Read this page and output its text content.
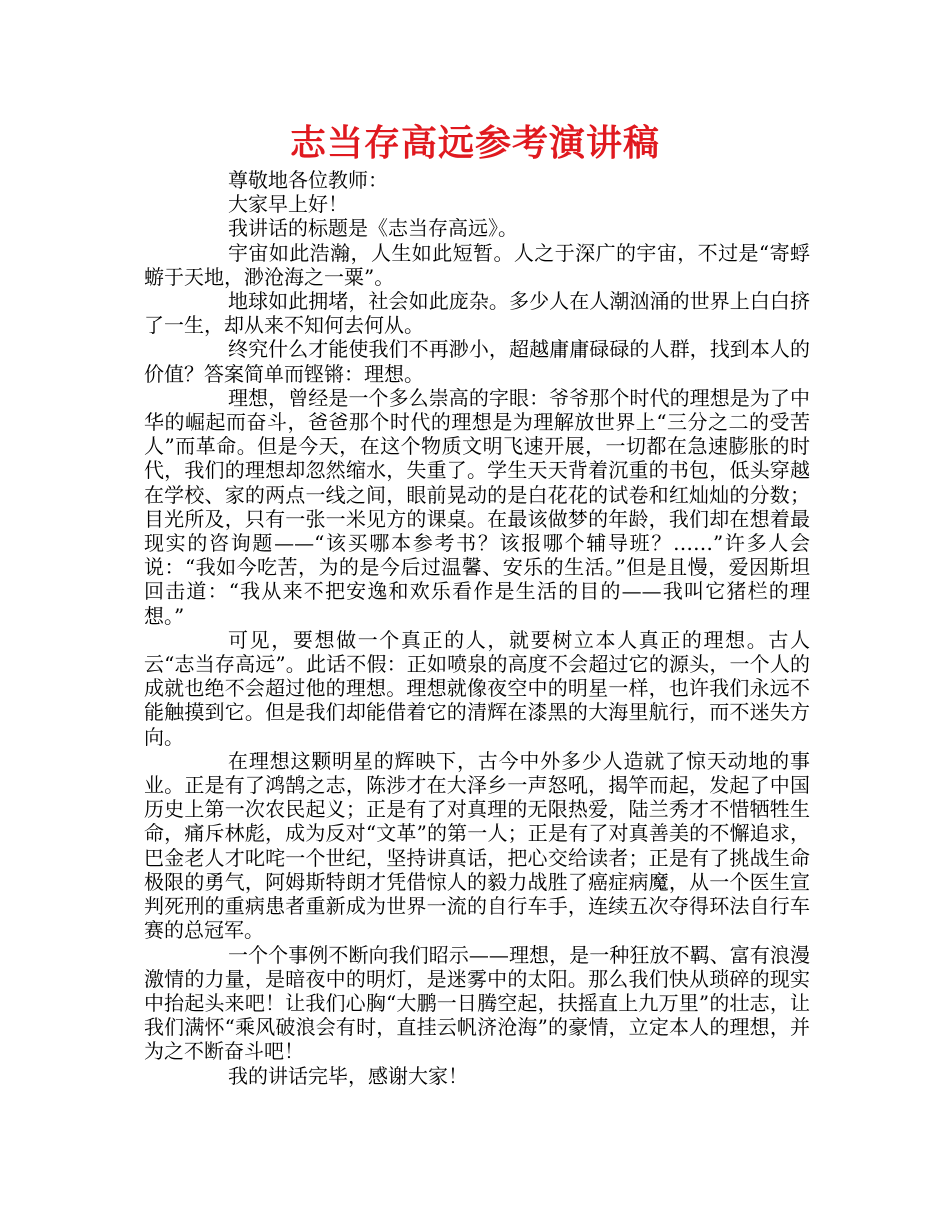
志当存高远参考演讲稿

尊敬地各位教师：

大家早上好！

我讲话的标题是《志当存高远》。

宇宙如此浩瀚，人生如此短暂。人之于深广的宇宙，不过是“寄蜉蝣于天地，渺沧海之一粟”。

地球如此拥堵，社会如此庞杂。多少人在人潮汹涌的世界上白白挤了一生，却从来不知何去何从。

终究什么才能使我们不再渺小，超越庸庸碌碌的人群，找到本人的价值？答案简单而铿锵：理想。

理想，曾经是一个多么崇高的字眼：爷爷那个时代的理想是为了中华的崛起而奋斗，爸爸那个时代的理想是为理解放世界上“三分之二的受苦人”而革命。但是今天，在这个物质文明飞速开展，一切都在急速膨胀的时代，我们的理想却忽然缩水，失重了。学生天天背着沉重的书包，低头穿越在学校、家的两点一线之间，眼前晃动的是白花花的试卷和红灿灿的分数；目光所及，只有一张一米见方的课桌。在最该做梦的年龄，我们却在想着最现实的咨询题——“该买哪本参考书？该报哪个辅导班？……”许多人会说：“我如今吃苦，为的是今后过温馨、安乐的生活。”但是且慢，爱因斯坦回击道：“我从来不把安逸和欢乐看作是生活的目的——我叫它猪栏的理想。”

可见，要想做一个真正的人，就要树立本人真正的理想。古人云“志当存高远”。此话不假：正如喷泉的高度不会超过它的源头，一个人的成就也绝不会超过他的理想。理想就像夜空中的明星一样，也许我们永远不能触摸到它。但是我们却能借着它的清辉在漆黑的大海里航行，而不迷失方向。

在理想这颗明星的辉映下，古今中外多少人造就了惊天动地的事业。正是有了鸿鹄之志，陈涉才在大泽乡一声怒吼，揭竿而起，发起了中国历史上第一次农民起义；正是有了对真理的无限热爱，陆兰秀才不惜牺牲生命，痛斥林彪，成为反对“文革”的第一人；正是有了对真善美的不懈追求，巴金老人才叱咤一个世纪，坚持讲真话，把心交给读者；正是有了挑战生命极限的勇气，阿姆斯特朗才凭借惊人的毅力战胜了癌症病魔，从一个医生宣判死刑的重病患者重新成为世界一流的自行车手，连续五次夺得环法自行车赛的总冠军。

一个个事例不断向我们昭示——理想，是一种狂放不羁、富有浪漫激情的力量，是暗夜中的明灯，是迷雾中的太阳。那么我们快从琐碎的现实中抬起头来吧！让我们心胸“大鹏一日腾空起，扶摇直上九万里”的壮志，让我们满怀“乘风破浪会有时，直挂云帆济沧海”的豪情，立定本人的理想，并为之不断奋斗吧！

我的讲话完毕，感谢大家！
